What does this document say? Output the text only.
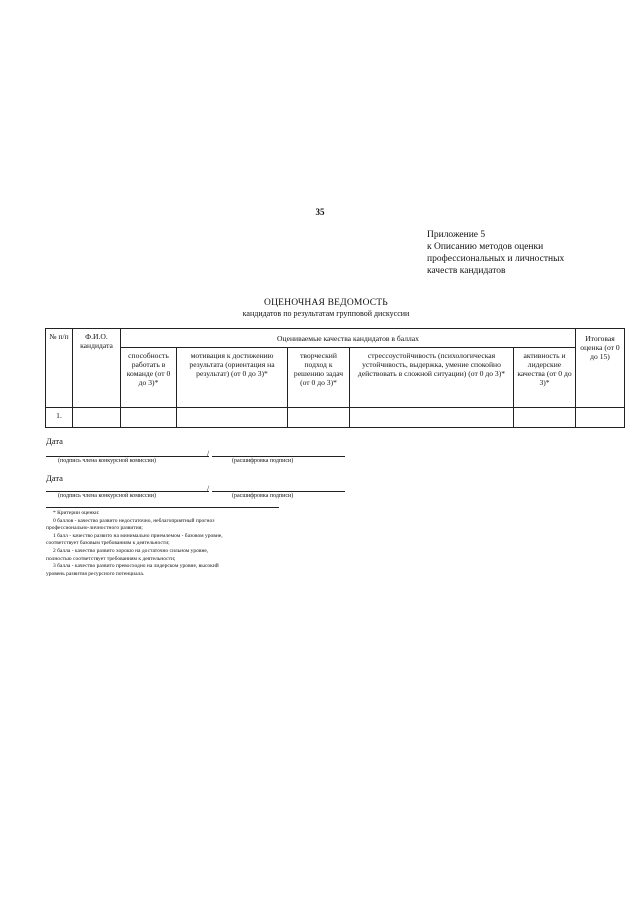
35
Приложение 5
к Описанию методов оценки
профессиональных и личностных
качеств кандидатов
ОЦЕНОЧНАЯ ВЕДОМОСТЬ
кандидатов по результатам групповой дискуссии
№ п/п	Ф.И.О. кандидата	Оцениваемые качества кандидатов в баллах					Итоговая оценка (от 0 до 15)
		способность работать в команде (от 0 до 3)*	мотивация к достижению результата (ориентация на результат) (от 0 до 3)*	творческий подход к решению задач (от 0 до 3)*	стрессоустойчивость (психологическая устойчивость, выдержка, умение спокойно действовать в сложной ситуации) (от 0 до 3)*	активность и лидерские качества (от 0 до 3)*	
1.							
Дата
/
(подпись члена конкурсной комиссии)	(расшифровка подписи)
Дата
/
(подпись члена конкурсной комиссии)	(расшифровка подписи)
* Критерии оценки:
0 баллов - качество развито недостаточно, неблагоприятный прогноз
профессионально-личностного развития;
1 балл - качество развито на минимально приемлемом - базовом уровне,
соответствует базовым требованиям к деятельности;
2 балла - качество развито хорошо на достаточно сильном уровне,
полностью соответствует требованиям к деятельности;
3 балла - качество развито превосходно на лидерском уровне, высокий
уровень развития ресурсного потенциала.
